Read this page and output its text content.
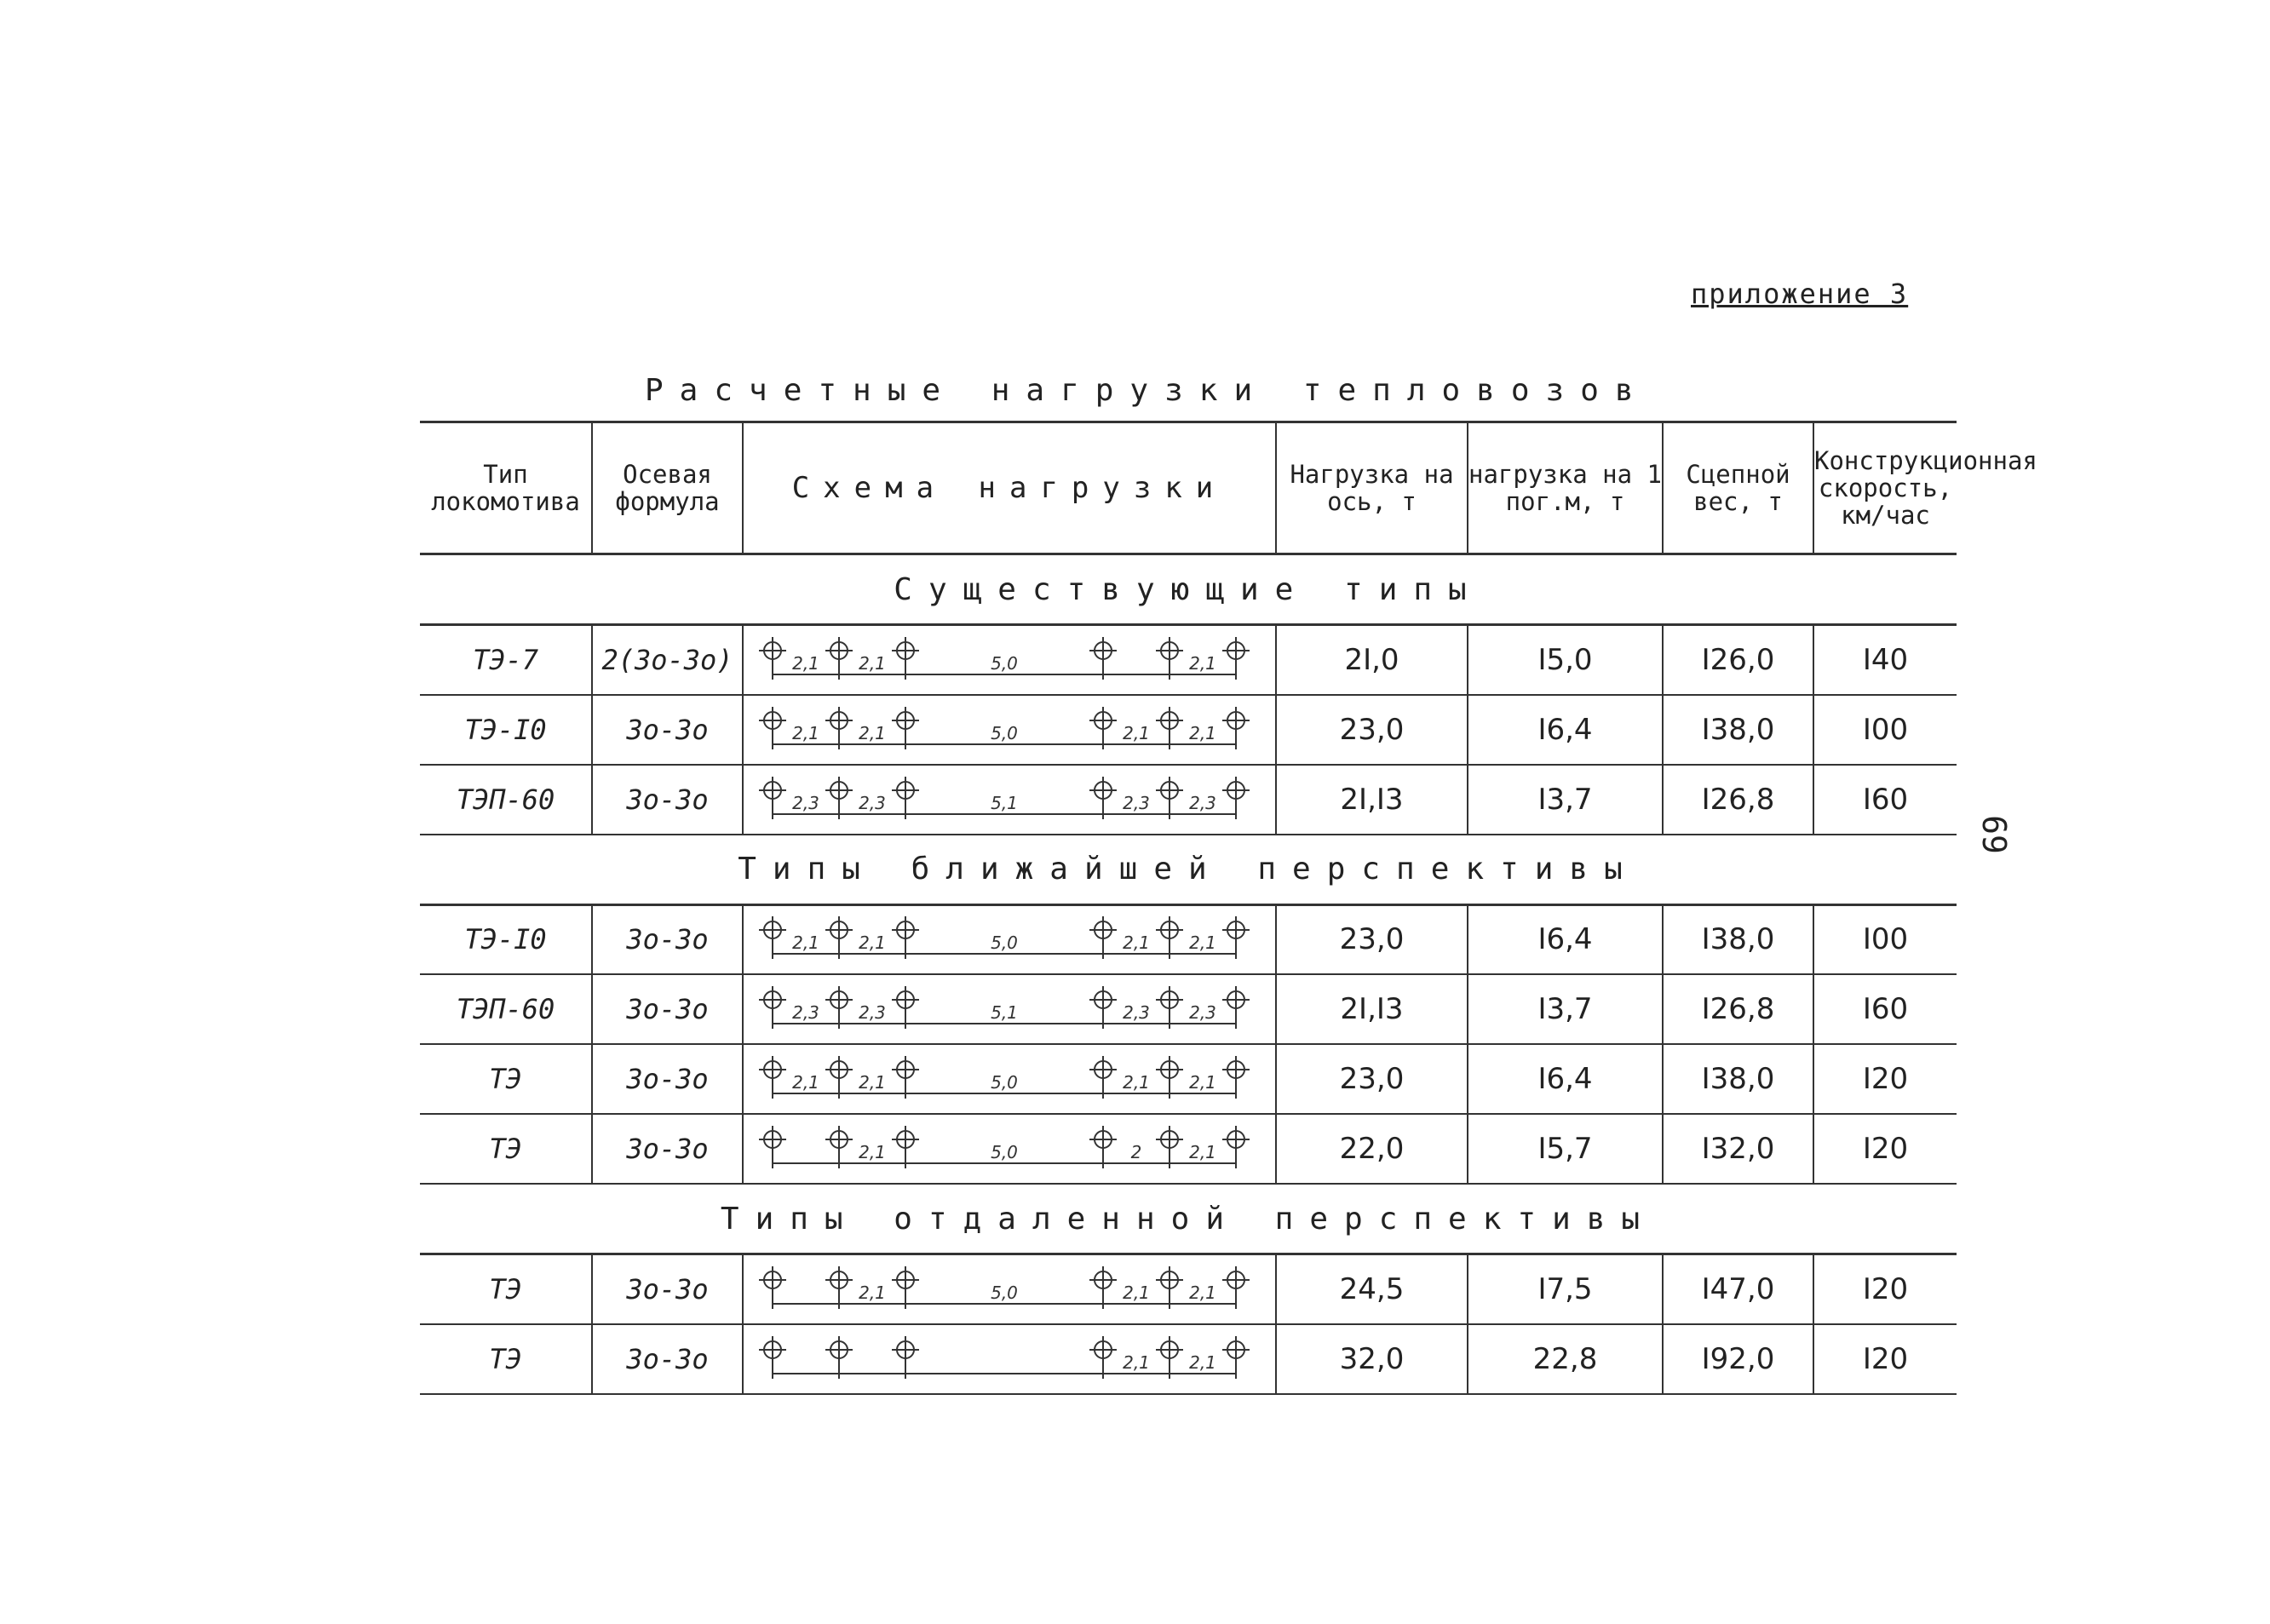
приложение 3
Расчетные нагрузки тепловозов
69
Тип локомотива	Осевая формула	Схема нагрузки	Нагрузка на ось, т	нагрузка на 1 пог.м, т	Сцепной вес, т	Конструкционная скорость, км/час
Существующие типы						
ТЭ-7	2(3о-3о)	2,1 2,1 5,0 2,1	2I,0	I5,0	I26,0	I40
ТЭ-I0	3о-3о	2,1 2,1 5,0 2,1 2,1	23,0	I6,4	I38,0	I00
ТЭП-60	3о-3о	2,3 2,3 5,1 2,3 2,3	2I,I3	I3,7	I26,8	I60
Типы ближайшей перспективы						
ТЭ-I0	3о-3о	2,1 2,1 5,0 2,1 2,1	23,0	I6,4	I38,0	I00
ТЭП-60	3о-3о	2,3 2,3 5,1 2,3 2,3	2I,I3	I3,7	I26,8	I60
ТЭ	3о-3о	2,1 2,1 5,0 2,1 2,1	23,0	I6,4	I38,0	I20
ТЭ	3о-3о	2,1 5,0 2 2,1	22,0	I5,7	I32,0	I20
Типы отдаленной перспективы						
ТЭ	3о-3о	2,1 5,0 2,1 2,1	24,5	I7,5	I47,0	I20
ТЭ	3о-3о	2,1 2,1	32,0	22,8	I92,0	I20
